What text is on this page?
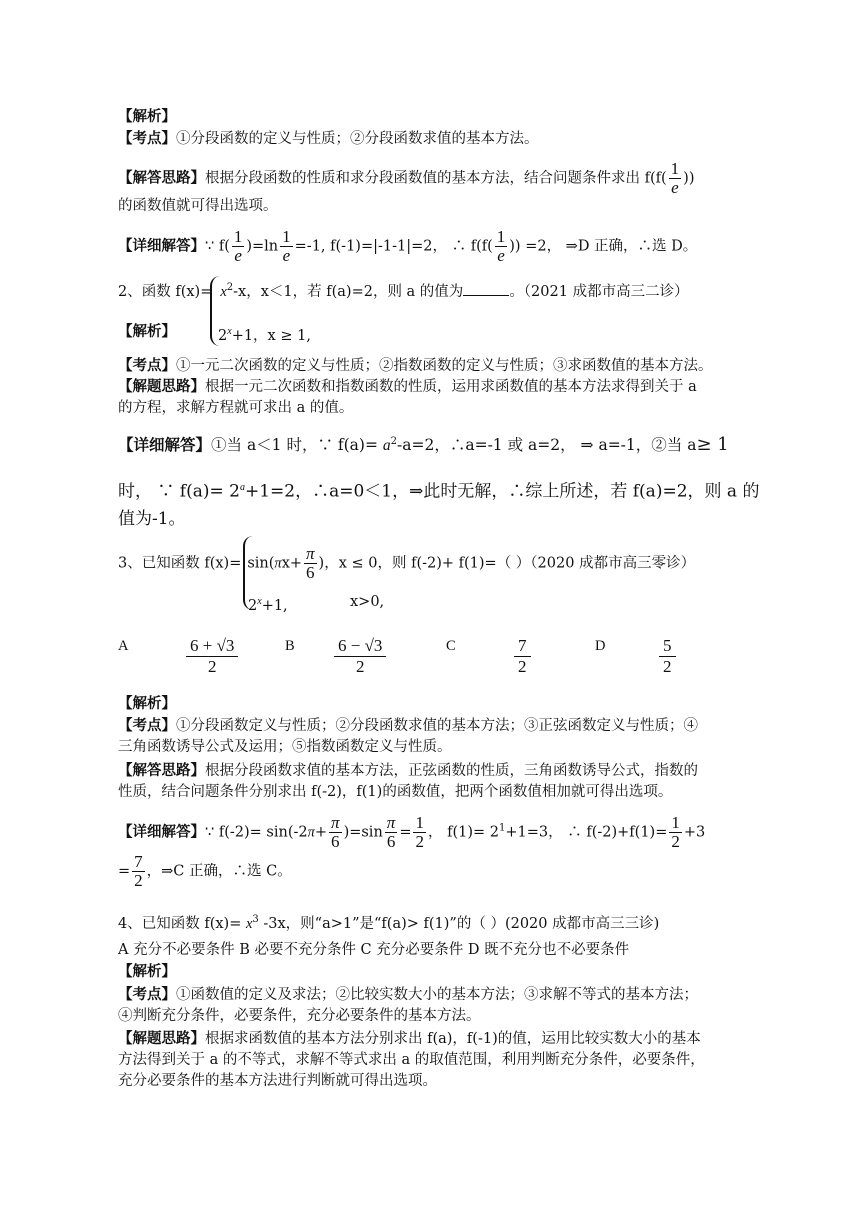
【解析】
【考点】①分段函数的定义与性质；②分段函数求值的基本方法。
【解答思路】根据分段函数的性质和求分段函数值的基本方法，结合问题条件求出 $f(f( \frac{1}{e}$ ))
的函数值就可得出选项。
【详细解答】∵ $f( \frac{1}{e} )=\ln \frac{1}{e} =-1$, f(-1)=|-1-1|=2， ∴ $f(f( \frac{1}{e}$ )) =2， ⇒D 正确，∴选 D。
2、函数 $f(x)= x^2-x$，x＜1，若 f(a)=2，则 a 的值为	。（2021 成都市高三二诊）
【解析】	$2^x+1$，x ≥ 1,
【考点】①一元二次函数的定义与性质；②指数函数的定义与性质；③求函数值的基本方法。
【解题思路】根据一元二次函数和指数函数的性质，运用求函数值的基本方法求得到关于 a
的方程，求解方程就可求出 a 的值。
【详细解答】①当 a＜1 时，∵ $f(a)= a^2-a=2$，∴a=-1 或 a=2， ⇒ a=-1，②当 a≥ 1
时， ∵ $f(a)= 2^a+1=2$，∴a=0＜1，⇒此时无解，∴综上所述，若 f(a)=2，则 a 的
值为-1。
3、已知函数 $f(x)= \sin(\pi x+ \frac{\pi}{6}$ )，x ≤ 0，则 f(-2)+ f(1)=（ ）（2020 成都市高三零诊）
$2^x+1$,	x>0,
A	6 + √3
2
B	6 − √3
2
C	7
2
D	5
2
【解析】
【考点】①分段函数定义与性质；②分段函数求值的基本方法；③正弦函数定义与性质；④
三角函数诱导公式及运用；⑤指数函数定义与性质。
【解答思路】根据分段函数求值的基本方法，正弦函数的性质，三角函数诱导公式，指数的
性质，结合问题条件分别求出 f(-2)，f(1)的函数值，把两个函数值相加就可得出选项。
【详细解答】∵ $f(-2)= \sin(-2\pi+ \frac{\pi}{6} )=\sin \frac{\pi}{6} = \frac{1}{2}$ ， $f(1)= 2^1+1=3$， ∴ $f(-2)+f(1)= \frac{1}{2} +3$
= $\frac{7}{2}$ ，⇒C 正确，∴选 C。
4、已知函数 $f(x)= x^3$ -3x，则“a>1”是“f(a)> f(1)”的（ ）(2020 成都市高三三诊)
A 充分不必要条件 B 必要不充分条件 C 充分必要条件 D 既不充分也不必要条件
【解析】
【考点】①函数值的定义及求法；②比较实数大小的基本方法；③求解不等式的基本方法；
④判断充分条件，必要条件，充分必要条件的基本方法。
【解题思路】根据求函数值的基本方法分别求出 f(a)，f(-1)的值，运用比较实数大小的基本
方法得到关于 a 的不等式，求解不等式求出 a 的取值范围，利用判断充分条件，必要条件，
充分必要条件的基本方法进行判断就可得出选项。
